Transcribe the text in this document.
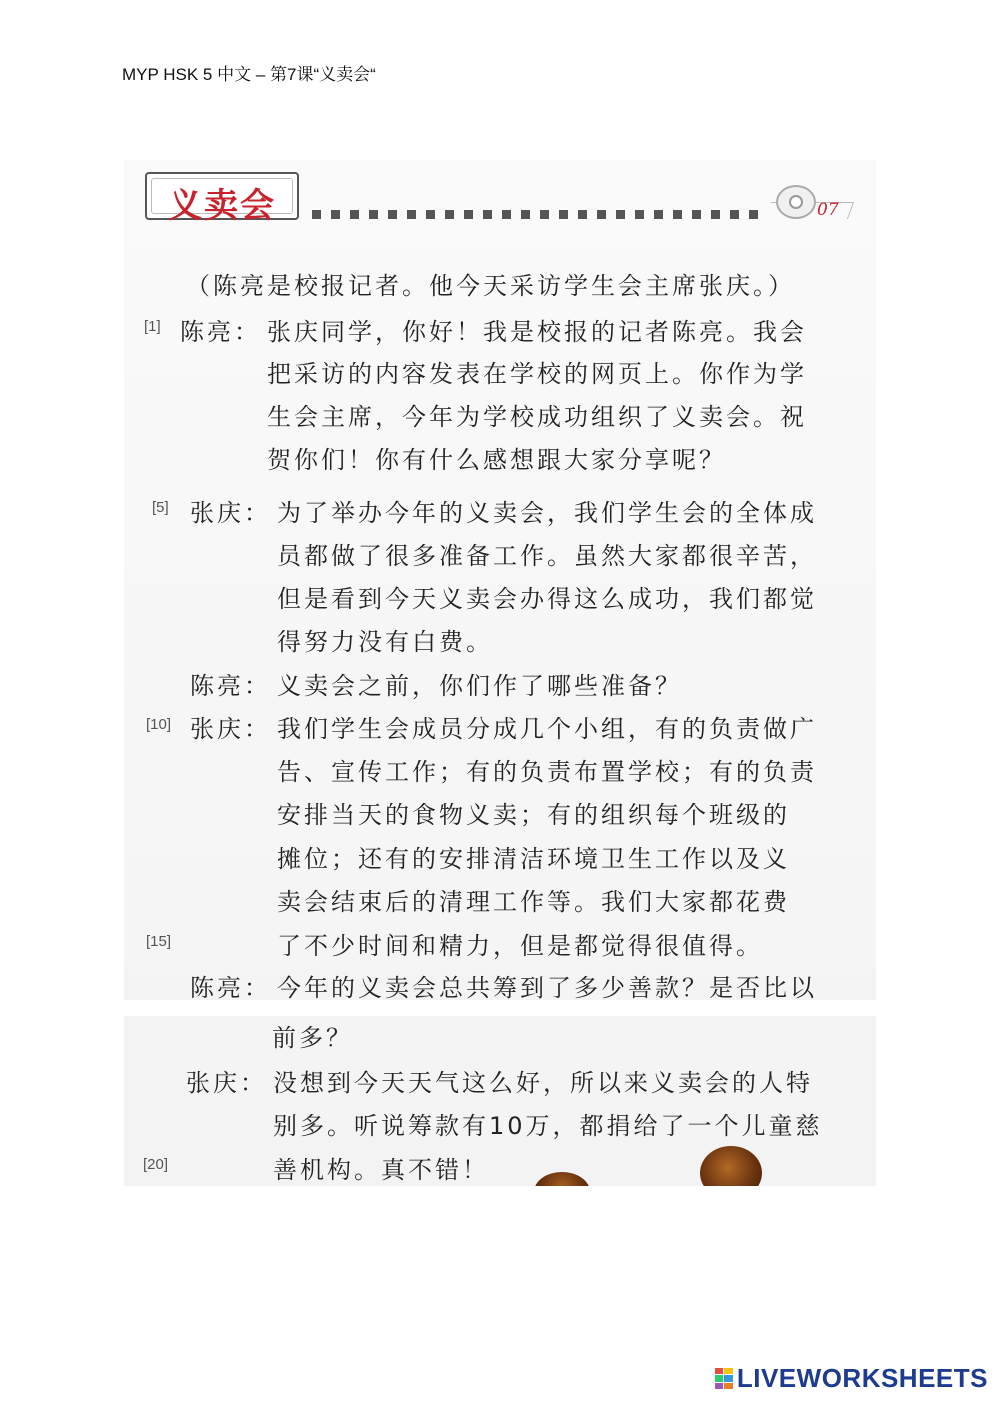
MYP HSK 5 中文 – 第7课“义卖会“
义卖会	07
（陈亮是校报记者。他今天采访学生会主席张庆。）
[1] 陈亮： 张庆同学，你好！我是校报的记者陈亮。我会
把采访的内容发表在学校的网页上。你作为学
生会主席，今年为学校成功组织了义卖会。祝
贺你们！你有什么感想跟大家分享呢？
[5] 张庆： 为了举办今年的义卖会，我们学生会的全体成
员都做了很多准备工作。虽然大家都很辛苦，
但是看到今天义卖会办得这么成功，我们都觉
得努力没有白费。
陈亮： 义卖会之前，你们作了哪些准备？
[10] 张庆： 我们学生会成员分成几个小组，有的负责做广
告、宣传工作；有的负责布置学校；有的负责
安排当天的食物义卖；有的组织每个班级的
摊位；还有的安排清洁环境卫生工作以及义
卖会结束后的清理工作等。我们大家都花费
[15]	了不少时间和精力，但是都觉得很值得。
陈亮： 今年的义卖会总共筹到了多少善款？是否比以
前多？
张庆： 没想到今天天气这么好，所以来义卖会的人特
别多。听说筹款有10万，都捐给了一个儿童慈
[20]	善机构。真不错！
LIVEWORKSHEETS
